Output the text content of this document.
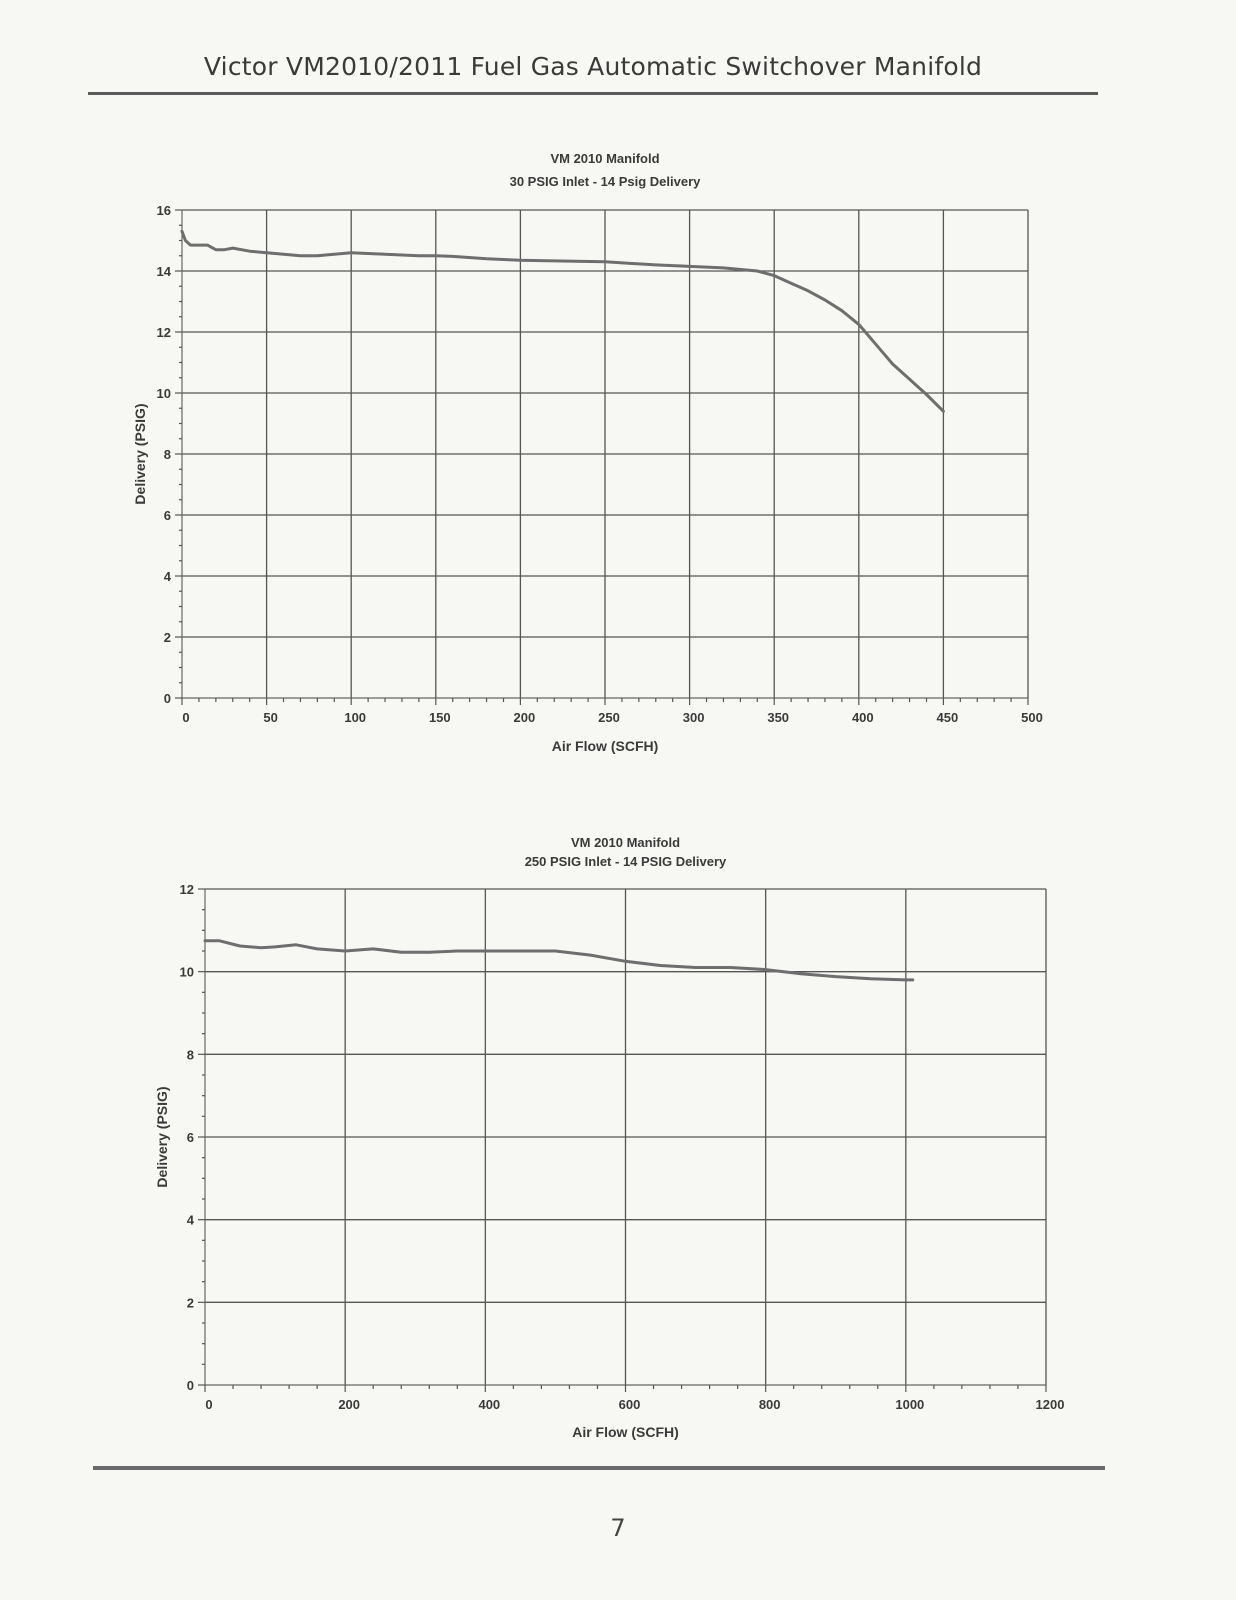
Victor VM2010/2011 Fuel Gas Automatic Switchover Manifold
VM 2010 Manifold
30 PSIG Inlet - 14 Psig Delivery
0
2
4
6
8
10
12
14
16
0	50	100	150	200	250	300	350	400	450	500
Air Flow (SCFH)
Delivery (PSIG)
VM 2010 Manifold
250 PSIG Inlet - 14 PSIG Delivery
0
2
4
6
8
10
12
0	200	400	600	800	1000	1200
Air Flow (SCFH)
Delivery (PSIG)
7
